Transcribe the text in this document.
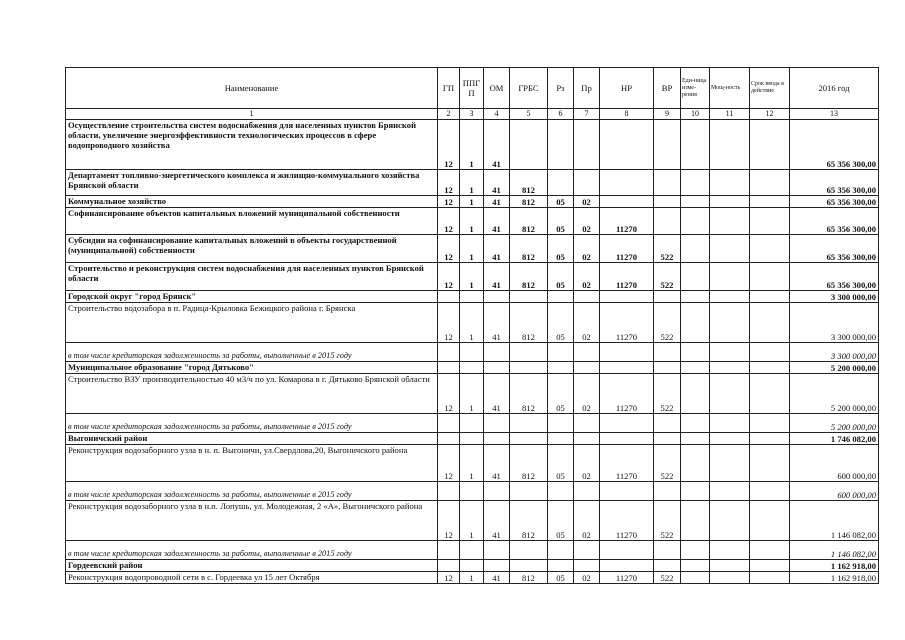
Наименование	ГП	ППГП	ОМ	ГРБС	Рз	Пр	НР	ВР	Еди-ница изме-рения	Мощ-ность	Срок ввода в действие	2016 год
1	2	3	4	5	6	7	8	9	10	11	12	13
Осуществление строительства систем водоснабжения для населенных пунктов Брянской области, увеличение энергоэффективности технологических процессов в сфере водопроводного хозяйства	12	1	41									65 356 300,00
Департамент топливно-энергетического комплекса и жилищно-коммунального хозяйства Брянской области	12	1	41	812								65 356 300,00
Коммунальное хозяйство	12	1	41	812	05	02						65 356 300,00
Софинансирование объектов капитальных вложений муниципальной собственности	12	1	41	812	05	02	11270					65 356 300,00
Субсидии на софинансирование капитальных вложений в объекты государственной (муниципальной) собственности	12	1	41	812	05	02	11270	522				65 356 300,00
Строительство и реконструкция систем водоснабжения для населенных пунктов Брянской области	12	1	41	812	05	02	11270	522				65 356 300,00
Городской округ "город Брянск"												3 300 000,00
Строительство водозабора в п. Радица-Крыловка Бежицкого района г. Брянска	12	1	41	812	05	02	11270	522				3 300 000,00
в том числе кредиторская задолженность за работы, выполненные в 2015 году												3 300 000,00
Муниципальное образование "город Дятьково"												5 200 000,00
Строительство ВЗУ производительностью 40 м3/ч по ул. Комарова в г. Дятьково Брянской области	12	1	41	812	05	02	11270	522				5 200 000,00
в том числе кредиторская задолженность за работы, выполненные в 2015 году												5 200 000,00
Выгоничский район												1 746 082,00
Реконструкция водозаборного узла в н. п. Выгоничи, ул.Свердлова,20, Выгоничского района	12	1	41	812	05	02	11270	522				600 000,00
в том числе кредиторская задолженность за работы, выполненные в 2015 году												600 000,00
Реконструкция водозаборного узла в н.п. Лопушь, ул. Молодежная, 2 «А», Выгоничского района	12	1	41	812	05	02	11270	522				1 146 082,00
в том числе кредиторская задолженность за работы, выполненные в 2015 году												1 146 082,00
Гордеевский район												1 162 918,00
Реконструкция водопроводной сети в с. Гордеевка ул 15 лет Октября	12	1	41	812	05	02	11270	522				1 162 918,00
